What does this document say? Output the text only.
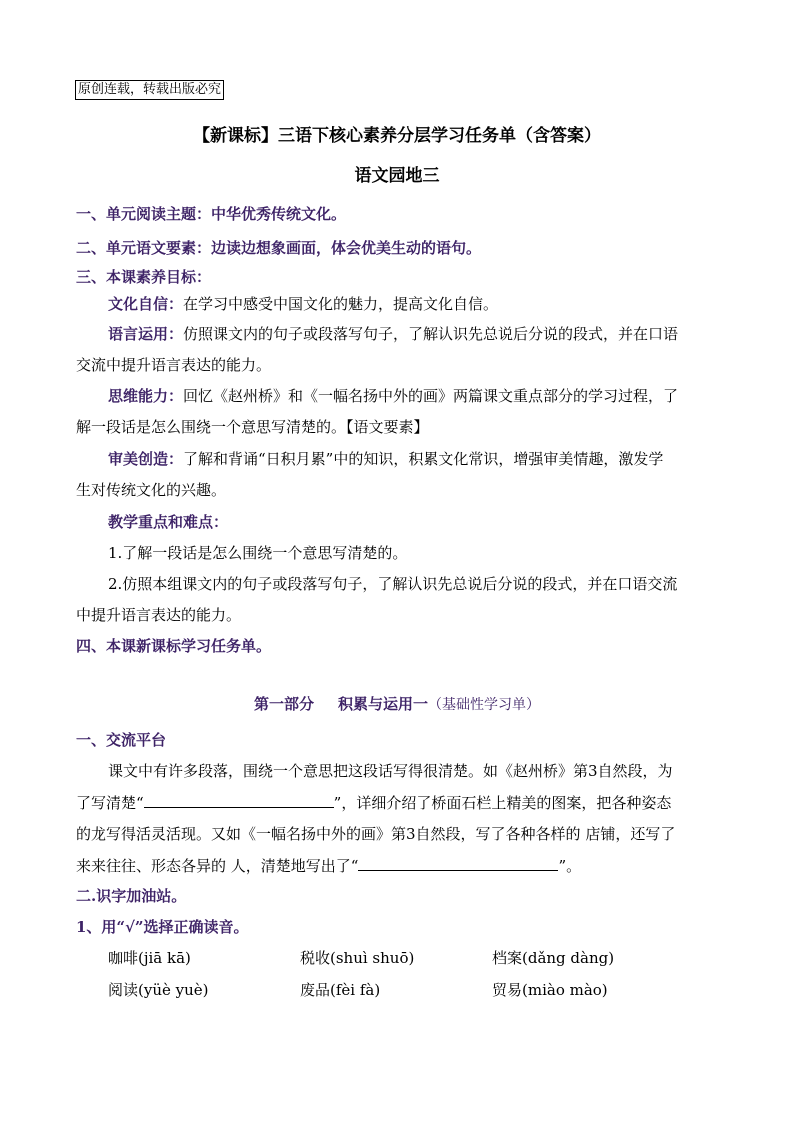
原创连载，转载出版必究
【新课标】三语下核心素养分层学习任务单（含答案）
语文园地三
一、单元阅读主题：中华优秀传统文化。
二、单元语文要素：边读边想象画面，体会优美生动的语句。
三、本课素养目标：
文化自信：在学习中感受中国文化的魅力，提高文化自信。
语言运用：仿照课文内的句子或段落写句子，了解认识先总说后分说的段式，并在口语
交流中提升语言表达的能力。
思维能力：回忆《赵州桥》和《一幅名扬中外的画》两篇课文重点部分的学习过程，了
解一段话是怎么围绕一个意思写清楚的。【语文要素】
审美创造：了解和背诵“日积月累”中的知识，积累文化常识，增强审美情趣，激发学
生对传统文化的兴趣。
教学重点和难点：
1.了解一段话是怎么围绕一个意思写清楚的。
2.仿照本组课文内的句子或段落写句子，了解认识先总说后分说的段式，并在口语交流
中提升语言表达的能力。
四、本课新课标学习任务单。
第一部分 积累与运用一（基础性学习单）
一、交流平台
课文中有许多段落，围绕一个意思把这段话写得很清楚。如《赵州桥》第3自然段，为
了写清楚“	”，详细介绍了桥面石栏上精美的图案，把各种姿态
的龙写得活灵活现。又如《一幅名扬中外的画》第3自然段，写了各种各样的 店铺，还写了
来来往往、形态各异的 人，清楚地写出了“	”。
二.识字加油站。
1、用“√”选择正确读音。
咖啡(jiā kā)	税收(shuì shuō)	档案(dǎng dàng)
阅读(yüè yuè)	废品(fèi fà)	贸易(miào mào)
